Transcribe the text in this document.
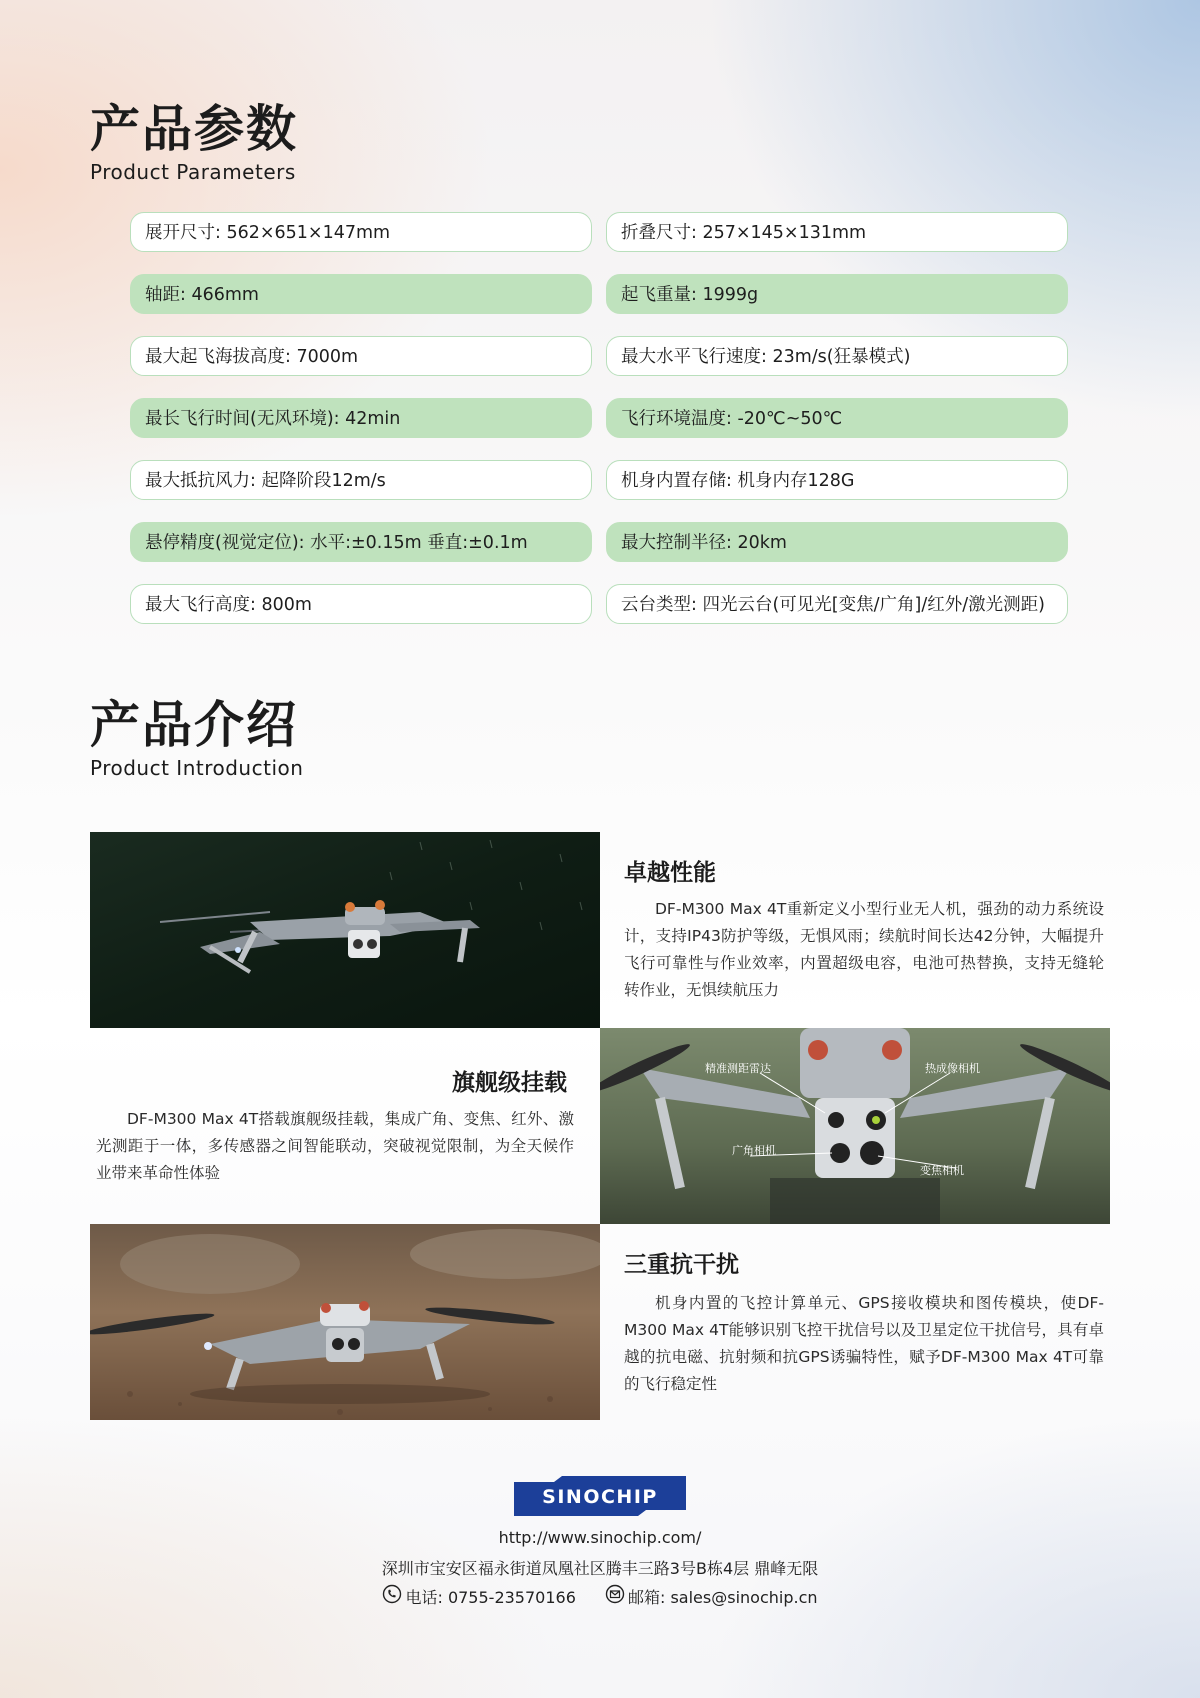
产品参数
Product Parameters
展开尺寸: 562×651×147mm	折叠尺寸: 257×145×131mm
轴距: 466mm	起飞重量: 1999g
最大起飞海拔高度: 7000m	最大水平飞行速度: 23m/s(狂暴模式)
最长飞行时间(无风环境): 42min	飞行环境温度: -20℃~50℃
最大抵抗风力: 起降阶段12m/s	机身内置存储: 机身内存128G
悬停精度(视觉定位): 水平:±0.15m 垂直:±0.1m	最大控制半径: 20km
最大飞行高度: 800m	云台类型: 四光云台(可见光[变焦/广角]/红外/激光测距)
产品介绍
Product Introduction
卓越性能
DF-M300 Max 4T重新定义小型行业无人机，强劲的动力系统设计，支持IP43防护等级，无惧风雨；续航时间长达42分钟，大幅提升飞行可靠性与作业效率，内置超级电容，电池可热替换，支持无缝轮转作业，无惧续航压力
旗舰级挂载
DF-M300 Max 4T搭载旗舰级挂载，集成广角、变焦、红外、激光测距于一体，多传感器之间智能联动，突破视觉限制，为全天候作业带来革命性体验
精准测距雷达	热成像相机
广角相机
变焦相机
三重抗干扰
机身内置的飞控计算单元、GPS接收模块和图传模块，使DF-M300 Max 4T能够识别飞控干扰信号以及卫星定位干扰信号，具有卓越的抗电磁、抗射频和抗GPS诱骗特性，赋予DF-M300 Max 4T可靠的飞行稳定性
SINOCHIP
http://www.sinochip.com/
深圳市宝安区福永街道凤凰社区腾丰三路3号B栋4层 鼎峰无限
电话: 0755-23570166
	邮箱: sales@sinochip.cn
